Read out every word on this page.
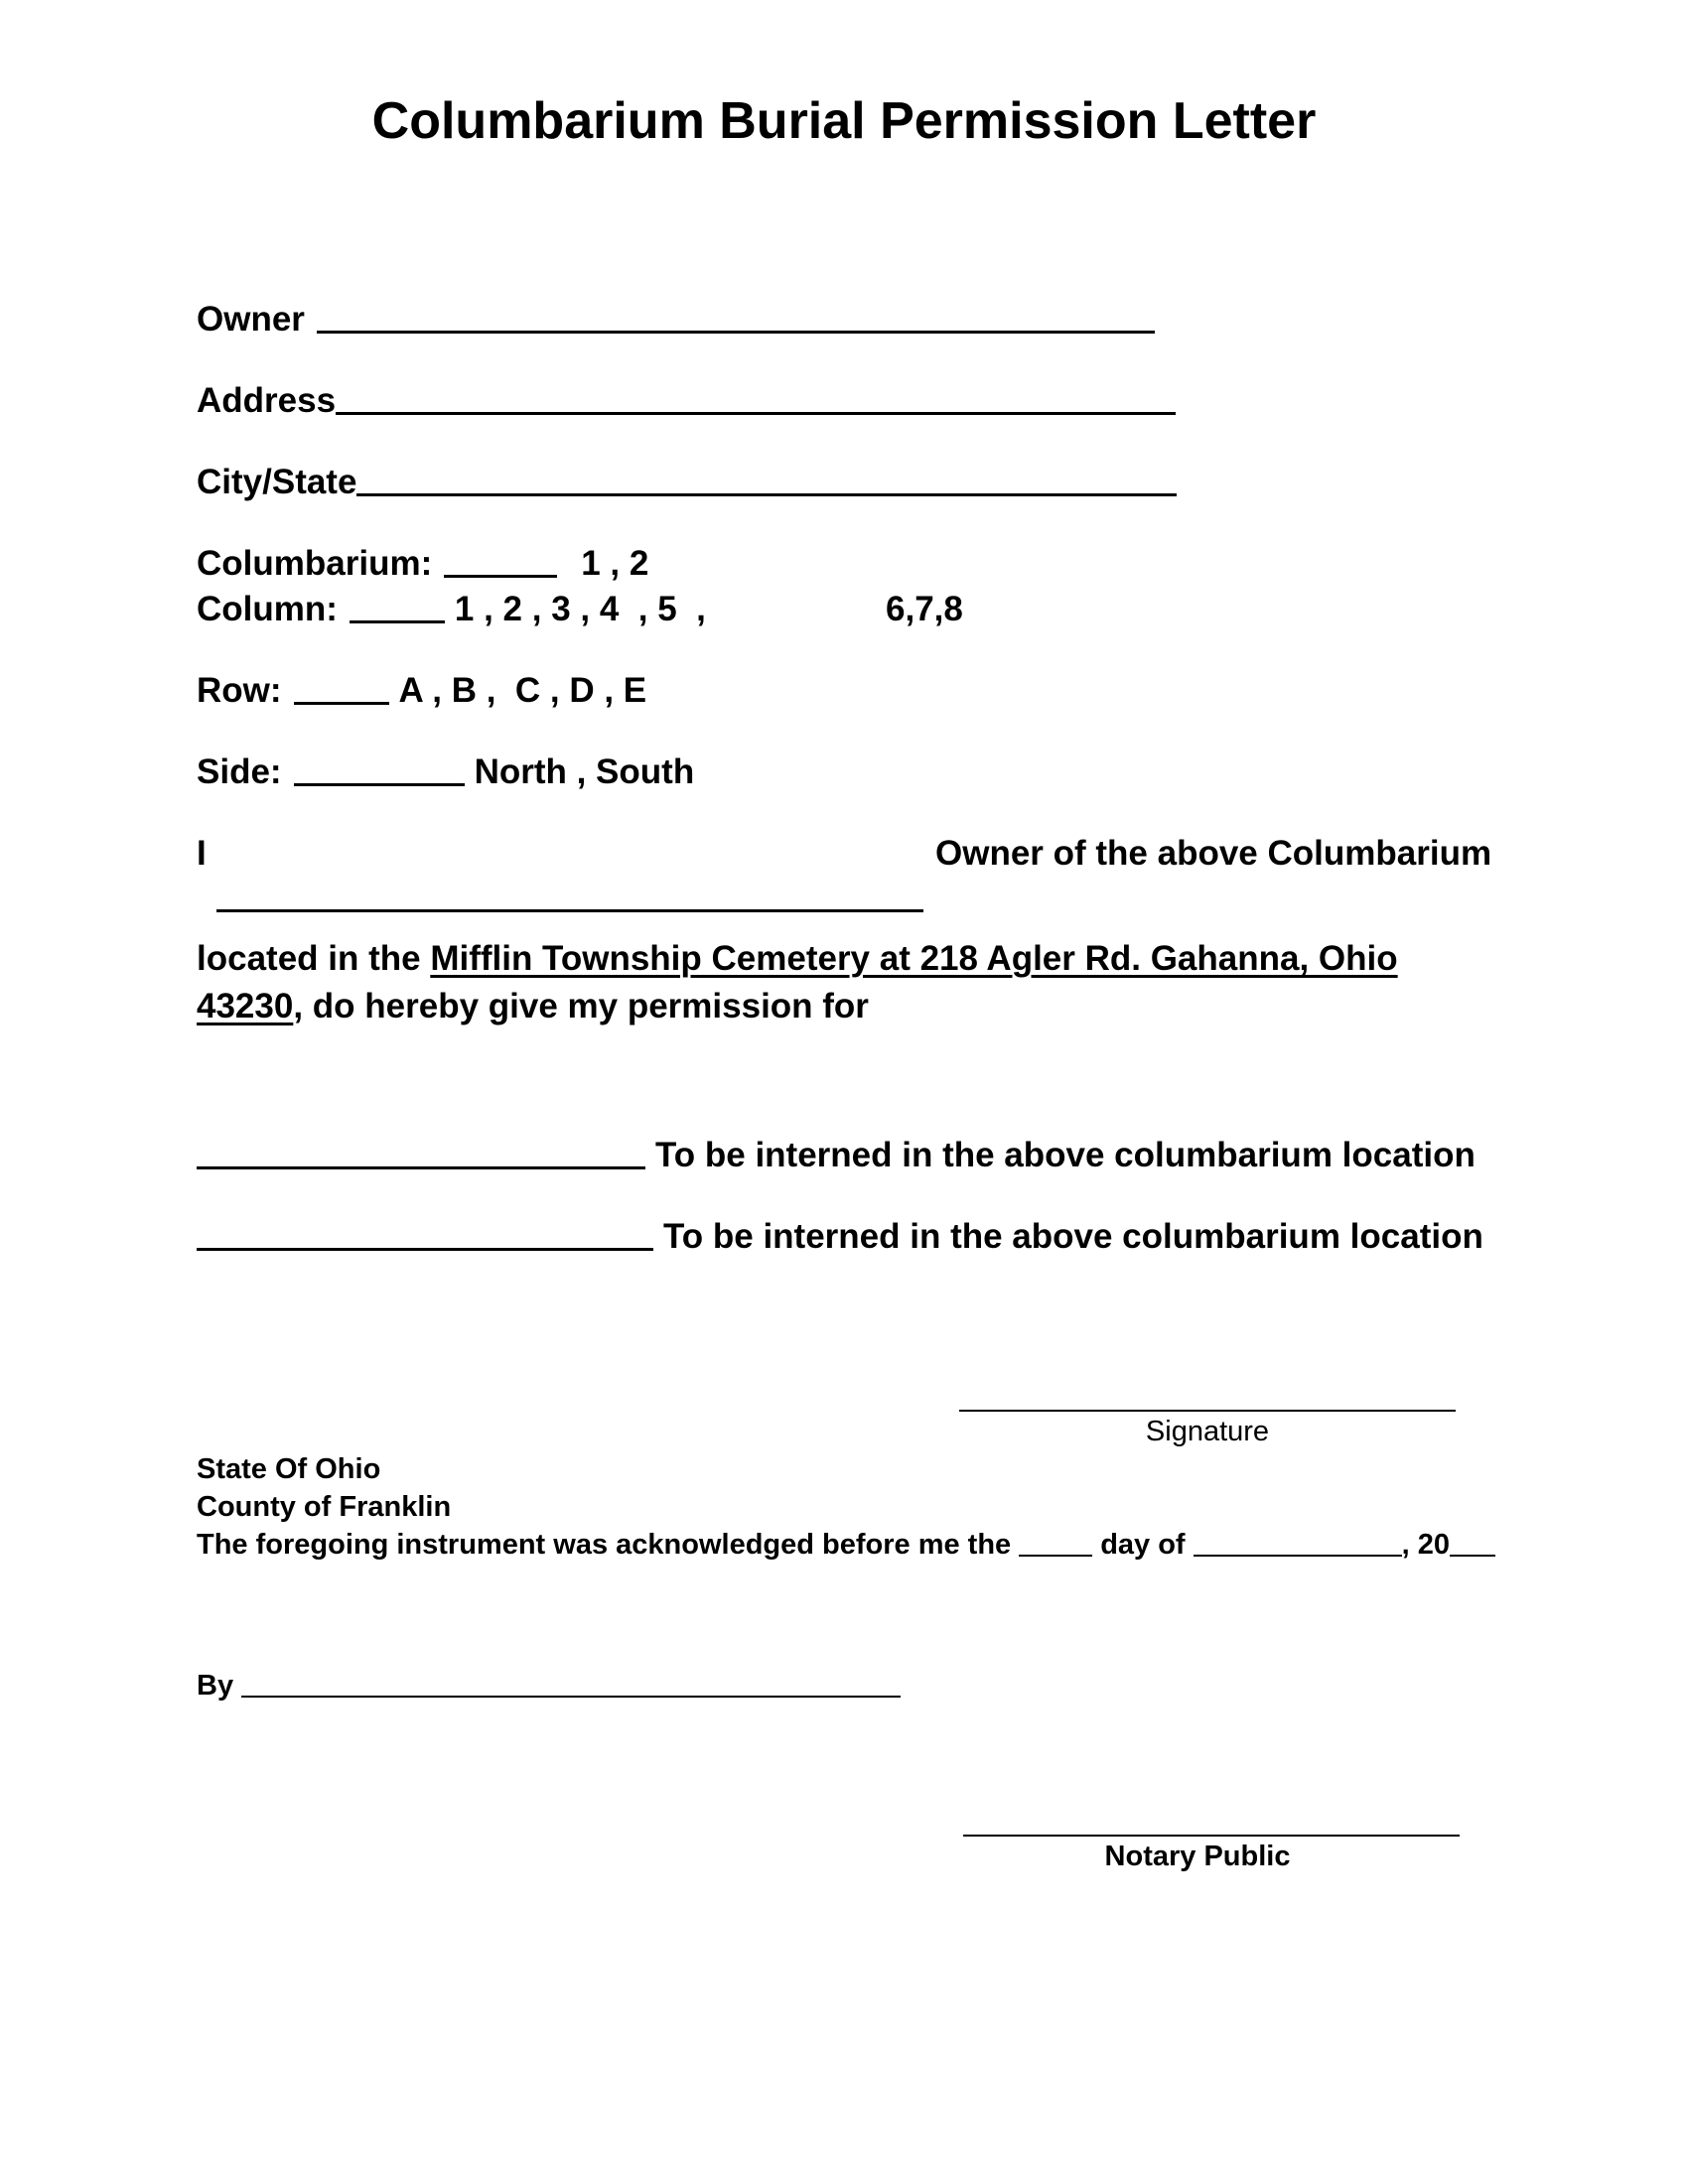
Columbarium Burial Permission Letter
Owner
Address
City/State
Columbarium:	1 , 2
Column:	1 , 2 , 3 , 4  , 5  ,	6,7,8
Row:	A , B ,  C , D , E
Side:	North , South
I	Owner of the above Columbarium
located in the Mifflin Township Cemetery at 218 Agler Rd. Gahanna, Ohio 43230, do hereby give my permission for
To be interned in the above columbarium location
To be interned in the above columbarium location
Signature
State Of Ohio
County of Franklin
The foregoing instrument was acknowledged before me the	day of	, 20
By
Notary Public
